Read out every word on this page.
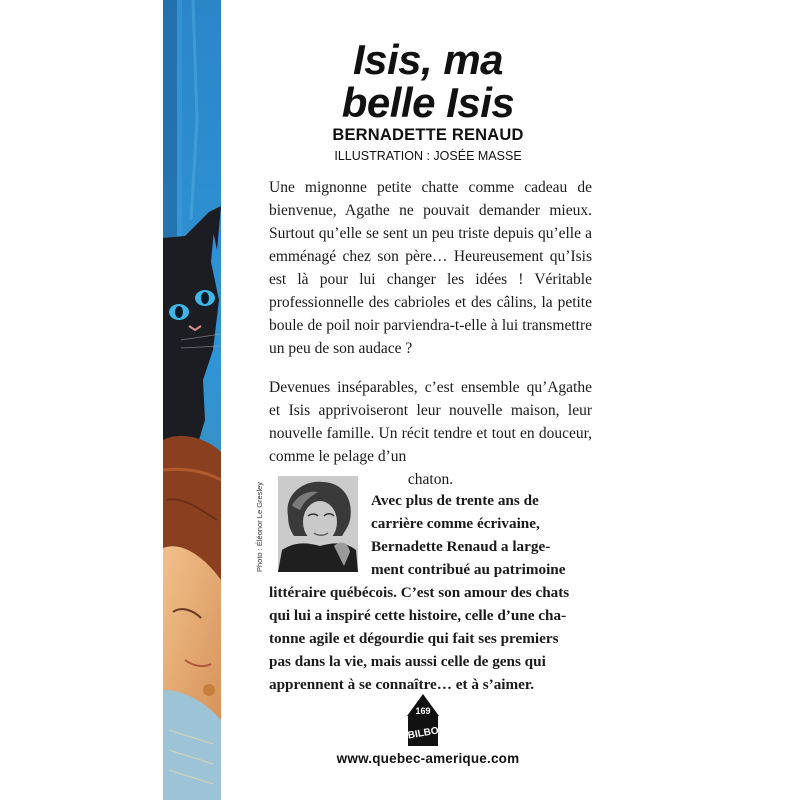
Isis, ma
belle Isis
BERNADETTE RENAUD
ILLUSTRATION : JOSÉE MASSE
Une mignonne petite chatte comme cadeau de bienvenue, Agathe ne pouvait demander mieux. Surtout qu’elle se sent un peu triste depuis qu’elle a emménagé chez son père… Heureusement qu’Isis est là pour lui changer les idées ! Véritable professionnelle des cabrioles et des câlins, la petite boule de poil noir parviendra-t-elle à lui transmettre un peu de son audace ?
Devenues inséparables, c’est ensemble qu’Agathe et Isis apprivoiseront leur nouvelle maison, leur nouvelle famille. Un récit tendre et tout en douceur, comme le pelage d’un
chaton.
Photo : Éléonor Le Gresley	Avec plus de trente ans de
carrière comme écrivaine,
Bernadette Renaud a large-
ment contribué au patrimoine
littéraire québécois. C’est son amour des chats
qui lui a inspiré cette histoire, celle d’une cha-
tonne agile et dégourdie qui fait ses premiers
pas dans la vie, mais aussi celle de gens qui
apprennent à se connaître… et à s’aimer.
169
BILBO
www.quebec-amerique.com
